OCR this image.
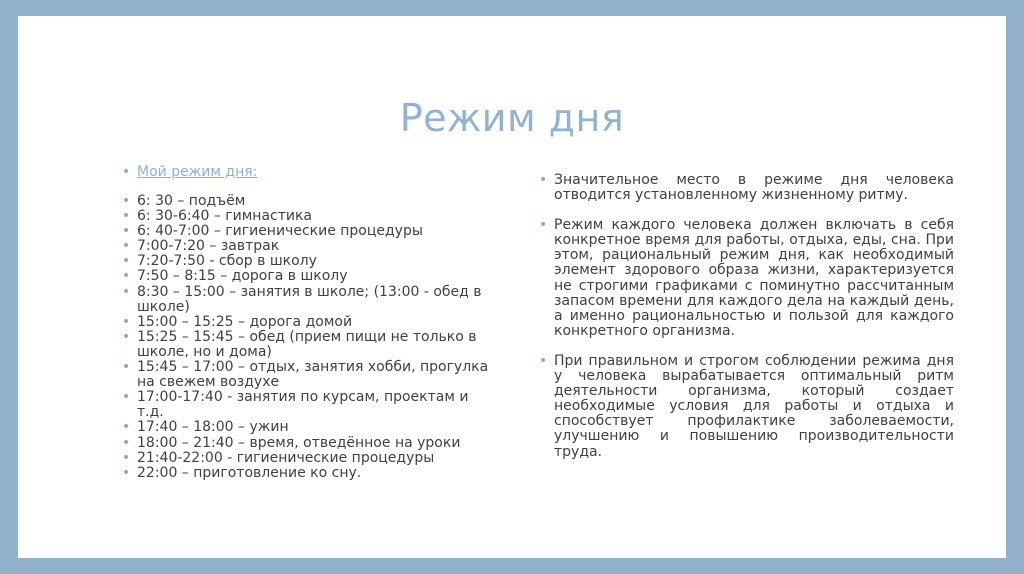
Режим дня
• Мой режим дня:
• 6: 30 – подъём
• 6: 30-6:40 – гимнастика
• 6: 40-7:00 – гигиенические процедуры
• 7:00-7:20 – завтрак
• 7:20-7:50 - сбор в школу
• 7:50 – 8:15 – дорога в школу
• 8:30 – 15:00 – занятия в школе; (13:00 - обед в школе)
• 15:00 – 15:25 – дорога домой
• 15:25 – 15:45 – обед (прием пищи не только в школе, но и дома)
• 15:45 – 17:00 – отдых, занятия хобби, прогулка на свежем воздухе
• 17:00-17:40 - занятия по курсам, проектам и т.д.
• 17:40 – 18:00 – ужин
• 18:00 – 21:40 – время, отведённое на уроки
• 21:40-22:00 - гигиенические процедуры
• 22:00 – приготовление ко сну.
• Значительное место в режиме дня человека отводится установленному жизненному ритму.
• Режим каждого человека должен включать в себя конкретное время для работы, отдыха, еды, сна. При этом, рациональный режим дня, как необходимый элемент здорового образа жизни, характеризуется не строгими графиками с поминутно рассчитанным запасом времени для каждого дела на каждый день, а именно рациональностью и пользой для каждого конкретного организма.
• При правильном и строгом соблюдении режима дня у человека вырабатывается оптимальный ритм деятельности организма, который создает необходимые условия для работы и отдыха и способствует профилактике заболеваемости, улучшению и повышению производительности труда.
